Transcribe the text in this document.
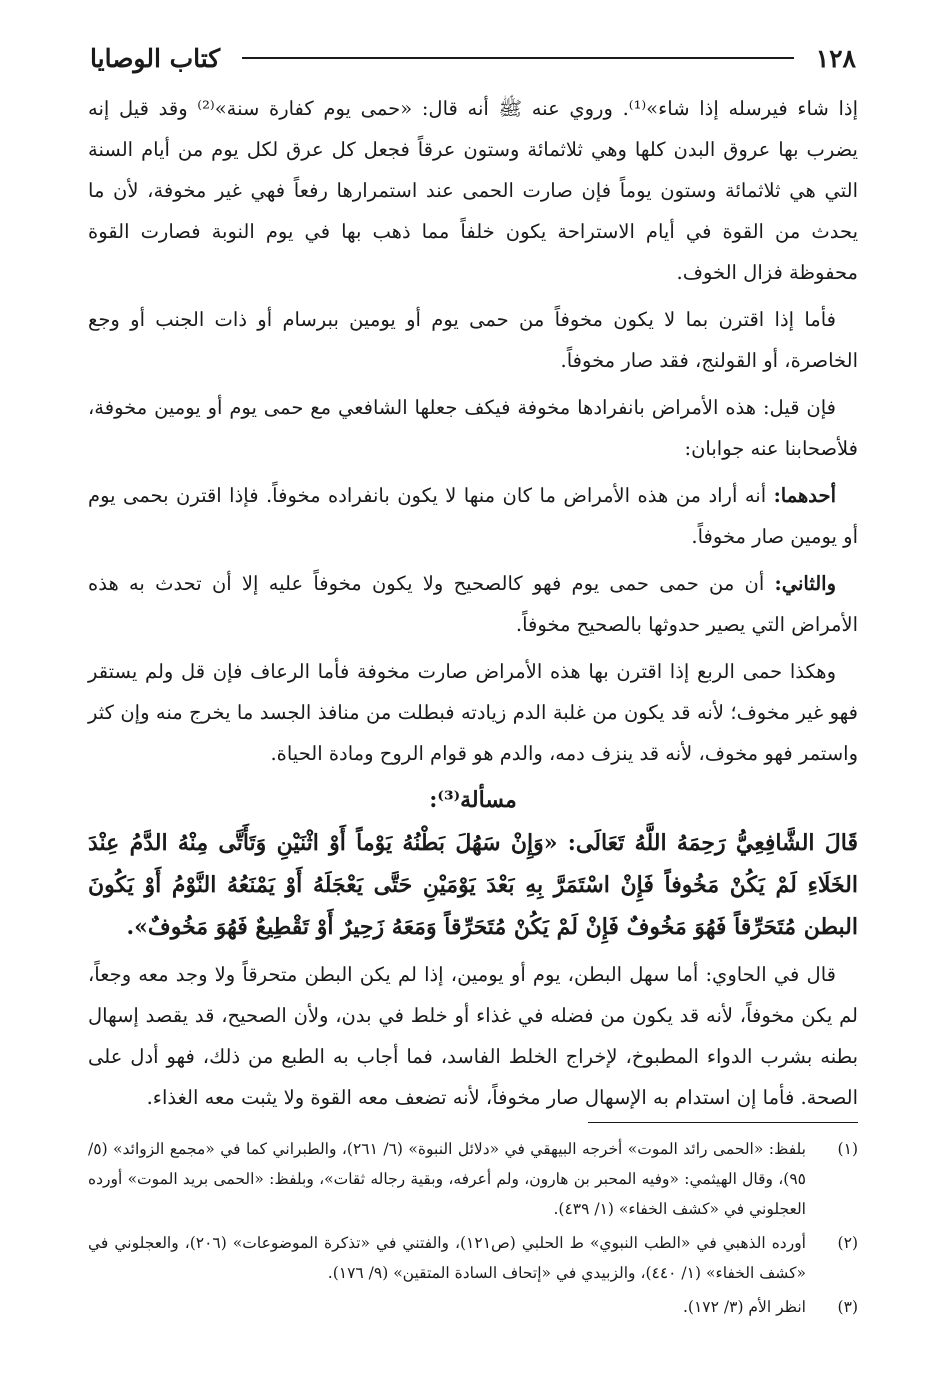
١٢٨
كتاب الوصايا

إذا شاء فيرسله إذا شاء»⁽¹⁾. وروي عنه ﷺ أنه قال: «حمى يوم كفارة سنة»⁽²⁾ وقد قيل إنه يضرب بها عروق البدن كلها وهي ثلاثمائة وستون عرقاً فجعل كل عرق لكل يوم من أيام السنة التي هي ثلاثمائة وستون يوماً فإن صارت الحمى عند استمرارها رفعاً فهي غير مخوفة، لأن ما يحدث من القوة في أيام الاستراحة يكون خلفاً مما ذهب بها في يوم النوبة فصارت القوة محفوظة فزال الخوف.

فأما إذا اقترن بما لا يكون مخوفاً من حمى يوم أو يومين ببرسام أو ذات الجنب أو وجع الخاصرة، أو القولنج، فقد صار مخوفاً.

فإن قيل: هذه الأمراض بانفرادها مخوفة فيكف جعلها الشافعي مع حمى يوم أو يومين مخوفة، فلأصحابنا عنه جوابان:

أحدهما: أنه أراد من هذه الأمراض ما كان منها لا يكون بانفراده مخوفاً. فإذا اقترن بحمى يوم أو يومين صار مخوفاً.

والثاني: أن من حمى حمى يوم فهو كالصحيح ولا يكون مخوفاً عليه إلا أن تحدث به هذه الأمراض التي يصير حدوثها بالصحيح مخوفاً.

وهكذا حمى الربع إذا اقترن بها هذه الأمراض صارت مخوفة فأما الرعاف فإن قل ولم يستقر فهو غير مخوف؛ لأنه قد يكون من غلبة الدم زيادته فبطلت من منافذ الجسد ما يخرج منه وإن كثر واستمر فهو مخوف، لأنه قد ينزف دمه، والدم هو قوام الروح ومادة الحياة.

مسألة⁽³⁾:
قَالَ الشَّافِعِيُّ رَحِمَهُ اللَّهُ تَعَالَى: «وَإِنْ سَهُلَ بَطْنُهُ يَوْماً أَوْ اثْنَيْنِ وَتَأَتَّى مِنْهُ الدَّمُ عِنْدَ الخَلَاءِ لَمْ يَكُنْ مَخُوفاً فَإِنْ اسْتَمَرَّ بِهِ بَعْدَ يَوْمَيْنِ حَتَّى يَعْجَلَهُ أَوْ يَمْنَعُهُ النَّوْمُ أَوْ يَكُونَ البطن مُتَحَرِّقاً فَهُوَ مَخُوفٌ فَإِنْ لَمْ يَكُنْ مُتَحَرِّقاً وَمَعَهُ زَحِيرٌ أَوْ تَقْطِيعٌ فَهُوَ مَخُوفٌ».

قال في الحاوي: أما سهل البطن، يوم أو يومين، إذا لم يكن البطن متحرقاً ولا وجد معه وجعاً، لم يكن مخوفاً، لأنه قد يكون من فضله في غذاء أو خلط في بدن، ولأن الصحيح، قد يقصد إسهال بطنه بشرب الدواء المطبوخ، لإخراج الخلط الفاسد، فما أجاب به الطبع من ذلك، فهو أدل على الصحة. فأما إن استدام به الإسهال صار مخوفاً، لأنه تضعف معه القوة ولا يثبت معه الغذاء.

(١)
بلفظ: «الحمى رائد الموت» أخرجه البيهقي في «دلائل النبوة» (٦/ ٢٦١)، والطبراني كما في «مجمع الزوائد» (٥/ ٩٥)، وقال الهيثمي: «وفيه المحبر بن هارون، ولم أعرفه، وبقية رجاله ثقات»، وبلفظ: «الحمى بريد الموت» أورده العجلوني في «كشف الخفاء» (١/ ٤٣٩).
(٢)
أورده الذهبي في «الطب النبوي» ط الحلبي (ص١٢١)، والفتني في «تذكرة الموضوعات» (٢٠٦)، والعجلوني في «كشف الخفاء» (١/ ٤٤٠)، والزبيدي في «إتحاف السادة المتقين» (٩/ ١٧٦).
(٣)
انظر الأم (٣/ ١٧٢).
